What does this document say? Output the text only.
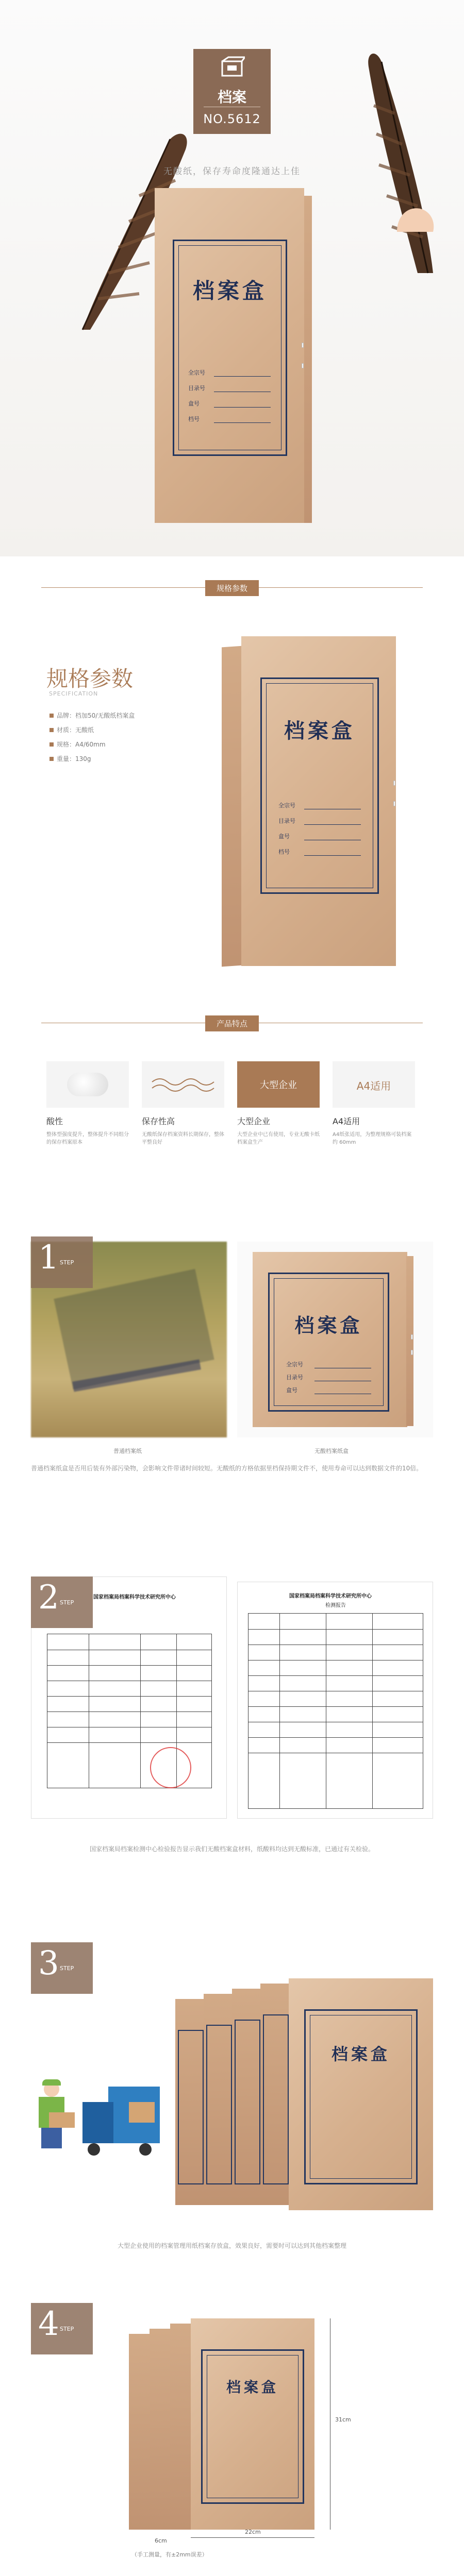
档案
NO.5612
无酸纸，保存寿命度隆通达上佳
档案盒
全宗号
目录号
盒号
档号
规格参数
规格参数
SPECIFICATION
品牌：档加50/无酸纸档案盒
材质：无酸纸
规格：A4/60mm
重量：130g
档案盒
全宗号
目录号
盒号
档号
产品特点
酸性
整体型强度提升，整体提升不同组分的保存档案原本
保存性高
无酸纸保存档案资料长期保存，整体平整良好
大型企业
大型企业
大型企业中已有使用，专业无酸卡纸档案盒生产
A4适用
A4适用
A4纸张适用，为整理规格可装档案约 60mm
1 STEP
普通档案纸
档案盒
全宗号
目录号
盒号
无酸档案纸盒
普通档案纸盒是否用后装有外部污染物，会影响文件带诸时间较短。无酸纸的方格依据里档保持期文件不，使用寿命可以达到数据文件的10倍。
2 STEP
国家档案局档案科学技术研究所中心	国家档案局档案科学技术研究所中心
检测报告
国家档案局档案检测中心检验报告显示我们无酸档案盒材料，纸酸料均达到无酸标准，已通过有关检验。
3 STEP
档案盒
大型企业使用的档案管理用纸档案存放盒，效果良好，需要时可以达到其他档案整理
4 STEP
档案盒
31cm
22cm
6cm
（手工测量，有±2mm误差）
